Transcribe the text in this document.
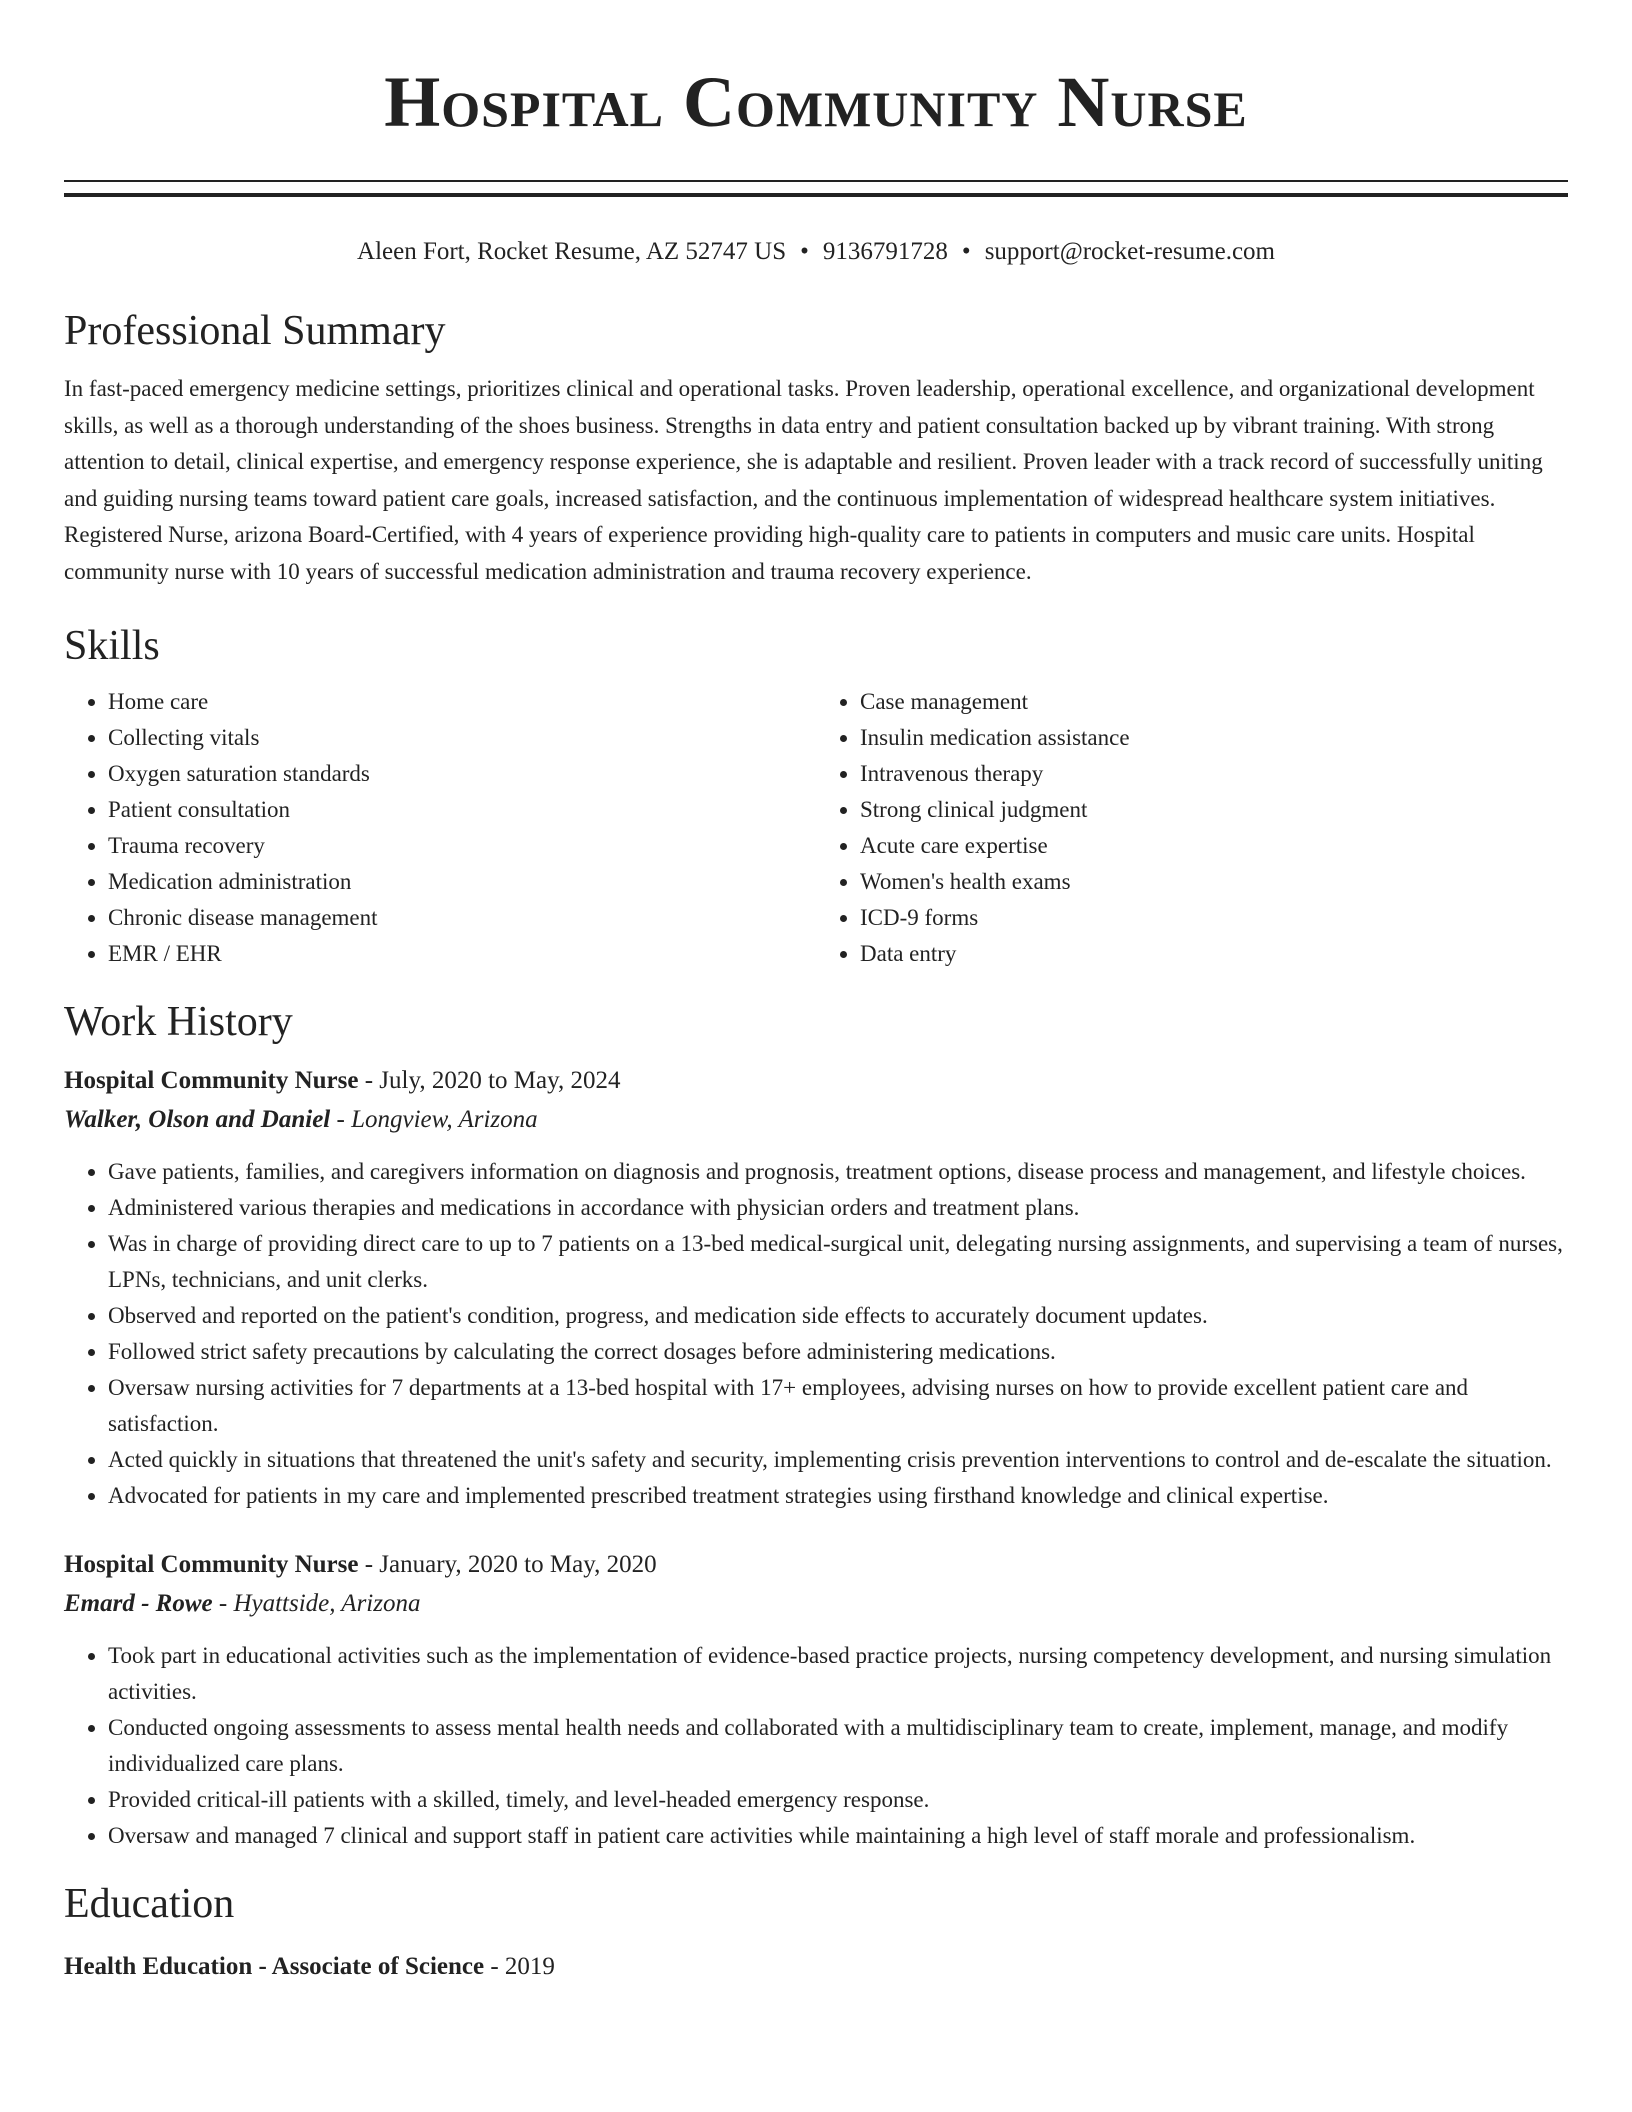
Hospital Community Nurse
Aleen Fort, Rocket Resume, AZ 52747 US • 9136791728 • support@rocket-resume.com
Professional Summary

In fast-paced emergency medicine settings, prioritizes clinical and operational tasks. Proven leadership, operational excellence, and organizational development skills, as well as a thorough understanding of the shoes business. Strengths in data entry and patient consultation backed up by vibrant training. With strong attention to detail, clinical expertise, and emergency response experience, she is adaptable and resilient. Proven leader with a track record of successfully uniting and guiding nursing teams toward patient care goals, increased satisfaction, and the continuous implementation of widespread healthcare system initiatives. Registered Nurse, arizona Board-Certified, with 4 years of experience providing high-quality care to patients in computers and music care units. Hospital community nurse with 10 years of successful medication administration and trauma recovery experience.

Skills
• Home care
• Collecting vitals
• Oxygen saturation standards
• Patient consultation
• Trauma recovery
• Medication administration
• Chronic disease management
• EMR / EHR
• Case management
• Insulin medication assistance
• Intravenous therapy
• Strong clinical judgment
• Acute care expertise
• Women's health exams
• ICD-9 forms
• Data entry
Work History
Hospital Community Nurse - July, 2020 to May, 2024
Walker, Olson and Daniel - Longview, Arizona
• Gave patients, families, and caregivers information on diagnosis and prognosis, treatment options, disease process and management, and lifestyle choices.
• Administered various therapies and medications in accordance with physician orders and treatment plans.
• Was in charge of providing direct care to up to 7 patients on a 13-bed medical-surgical unit, delegating nursing assignments, and supervising a team of nurses, LPNs, technicians, and unit clerks.
• Observed and reported on the patient's condition, progress, and medication side effects to accurately document updates.
• Followed strict safety precautions by calculating the correct dosages before administering medications.
• Oversaw nursing activities for 7 departments at a 13-bed hospital with 17+ employees, advising nurses on how to provide excellent patient care and satisfaction.
• Acted quickly in situations that threatened the unit's safety and security, implementing crisis prevention interventions to control and de-escalate the situation.
• Advocated for patients in my care and implemented prescribed treatment strategies using firsthand knowledge and clinical expertise.
Hospital Community Nurse - January, 2020 to May, 2020
Emard - Rowe - Hyattside, Arizona
• Took part in educational activities such as the implementation of evidence-based practice projects, nursing competency development, and nursing simulation activities.
• Conducted ongoing assessments to assess mental health needs and collaborated with a multidisciplinary team to create, implement, manage, and modify individualized care plans.
• Provided critical-ill patients with a skilled, timely, and level-headed emergency response.
• Oversaw and managed 7 clinical and support staff in patient care activities while maintaining a high level of staff morale and professionalism.
Education
Health Education - Associate of Science - 2019
